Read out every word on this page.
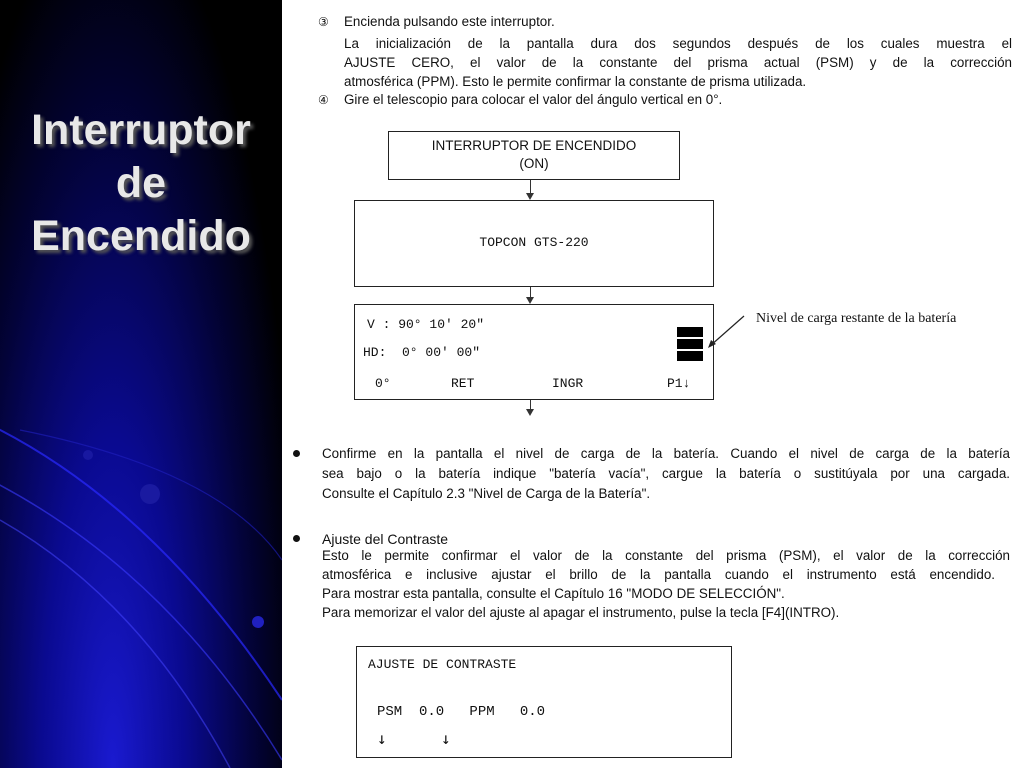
Interruptor
de
Encendido
③ Encienda pulsando este interruptor.
La inicialización de la pantalla dura dos segundos después de los cuales muestra el
AJUSTE CERO, el valor de la constante del prisma actual (PSM) y de la corrección
atmosférica (PPM). Esto le permite confirmar la constante de prisma utilizada.
④ Gire el telescopio para colocar el valor del ángulo vertical en 0°.
INTERRUPTOR DE ENCENDIDO
(ON)
TOPCON GTS-220
V : 90° 10′ 20″
HD:  0° 00′ 00″
0°	RET	INGR	P1↓
Nivel de carga restante de la batería
Confirme en la pantalla el nivel de carga de la batería. Cuando el nivel de carga de la batería
sea bajo o la batería indique "batería vacía", cargue la batería o sustitúyala por una cargada.
Consulte el Capítulo 2.3 "Nivel de Carga de la Batería".
Ajuste del Contraste
Esto le permite confirmar el valor de la constante del prisma (PSM), el valor de la corrección
atmosférica e inclusive ajustar el brillo de la pantalla cuando el instrumento está encendido.
Para mostrar esta pantalla, consulte el Capítulo 16 "MODO DE SELECCIÓN".
Para memorizar el valor del ajuste al apagar el instrumento, pulse la tecla [F4](INTRO).
AJUSTE DE CONTRASTE
PSM  0.0   PPM   0.0
↓	↓
